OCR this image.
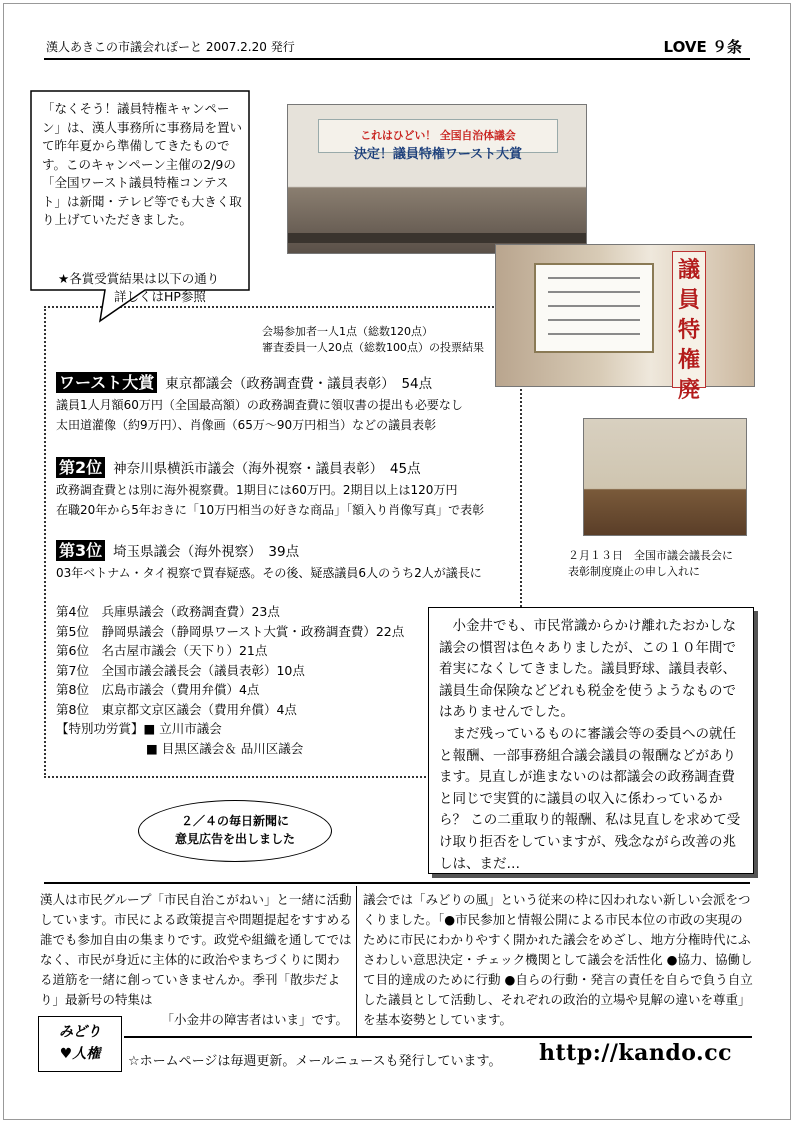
漢人あきこの市議会れぽーと 2007.2.20 発行	LOVE ９条
「なくそう！議員特権キャンペーン」は、漢人事務所に事務局を置いて昨年夏から準備してきたものです。このキャンペーン主催の2/9の「全国ワースト議員特権コンテスト」は新聞・テレビ等でも大きく取り上げていただきました。
★各賞受賞結果は以下の通り
詳しくはHP参照
これはひどい！ 全国自治体議会
決定！議員特権ワースト大賞
議員特権廃
会場参加者一人1点（総数120点）
審査委員一人20点（総数100点）の投票結果
２月１３日　全国市議会議長会に
表彰制度廃止の申し入れに
ワースト大賞 東京都議会（政務調査費・議員表彰）　54点
議員1人月額60万円（全国最高額）の政務調査費に領収書の提出も必要なし
太田道灌像（約9万円）、肖像画（65万～90万円相当）などの議員表彰
第2位 神奈川県横浜市議会（海外視察・議員表彰）　45点
政務調査費とは別に海外視察費。1期目には60万円。2期目以上は120万円
在職20年から5年おきに「10万円相当の好きな商品」「額入り肖像写真」で表彰
第3位 埼玉県議会（海外視察）　39点
03年ベトナム・タイ視察で買春疑惑。その後、疑惑議員6人のうち2人が議長に
第4位　兵庫県議会（政務調査費）23点
第5位　静岡県議会（静岡県ワースト大賞・政務調査費）22点
第6位　名古屋市議会（天下り）21点
第7位　全国市議会議長会（議員表彰）10点
第8位　広島市議会（費用弁償）4点
第8位　東京都文京区議会（費用弁償）4点
【特別功労賞】■ 立川市議会
■ 目黒区議会＆ 品川区議会
２／４の毎日新聞に
意見広告を出しました

小金井でも、市民常識からかけ離れたおかしな議会の慣習は色々ありましたが、この１０年間で着実になくしてきました。議員野球、議員表彰、議員生命保険などどれも税金を使うようなものではありませんでした。

まだ残っているものに審議会等の委員への就任と報酬、一部事務組合議会議員の報酬などがあります。見直しが進まないのは都議会の政務調査費と同じで実質的に議員の収入に係わっているから？ この二重取り的報酬、私は見直しを求めて受け取り拒否をしていますが、残念ながら改善の兆しは、まだ…

漢人は市民グループ「市民自治こがねい」と一緒に活動しています。市民による政策提言や問題提起をすすめる誰でも参加自由の集まりです。政党や組織を通してではなく、市民が身近に主体的に政治やまちづくりに関わる道筋を一緒に創っていきませんか。季刊「散歩だより」最新号の特集は
「小金井の障害者はいま」です。
議会では「みどりの風」という従来の枠に囚われない新しい会派をつくりました。「●市民参加と情報公開による市民本位の市政の実現のために市民にわかりやすく開かれた議会をめざし、地方分権時代にふさわしい意思決定・チェック機関として議会を活性化 ●協力、協働して目的達成のために行動 ●自らの行動・発言の責任を自らで負う自立した議員として活動し、それぞれの政治的立場や見解の違いを尊重」を基本姿勢としています。
みどり
♥人権	☆ホームページは毎週更新。メールニュースも発行しています。 http://kando.cc
